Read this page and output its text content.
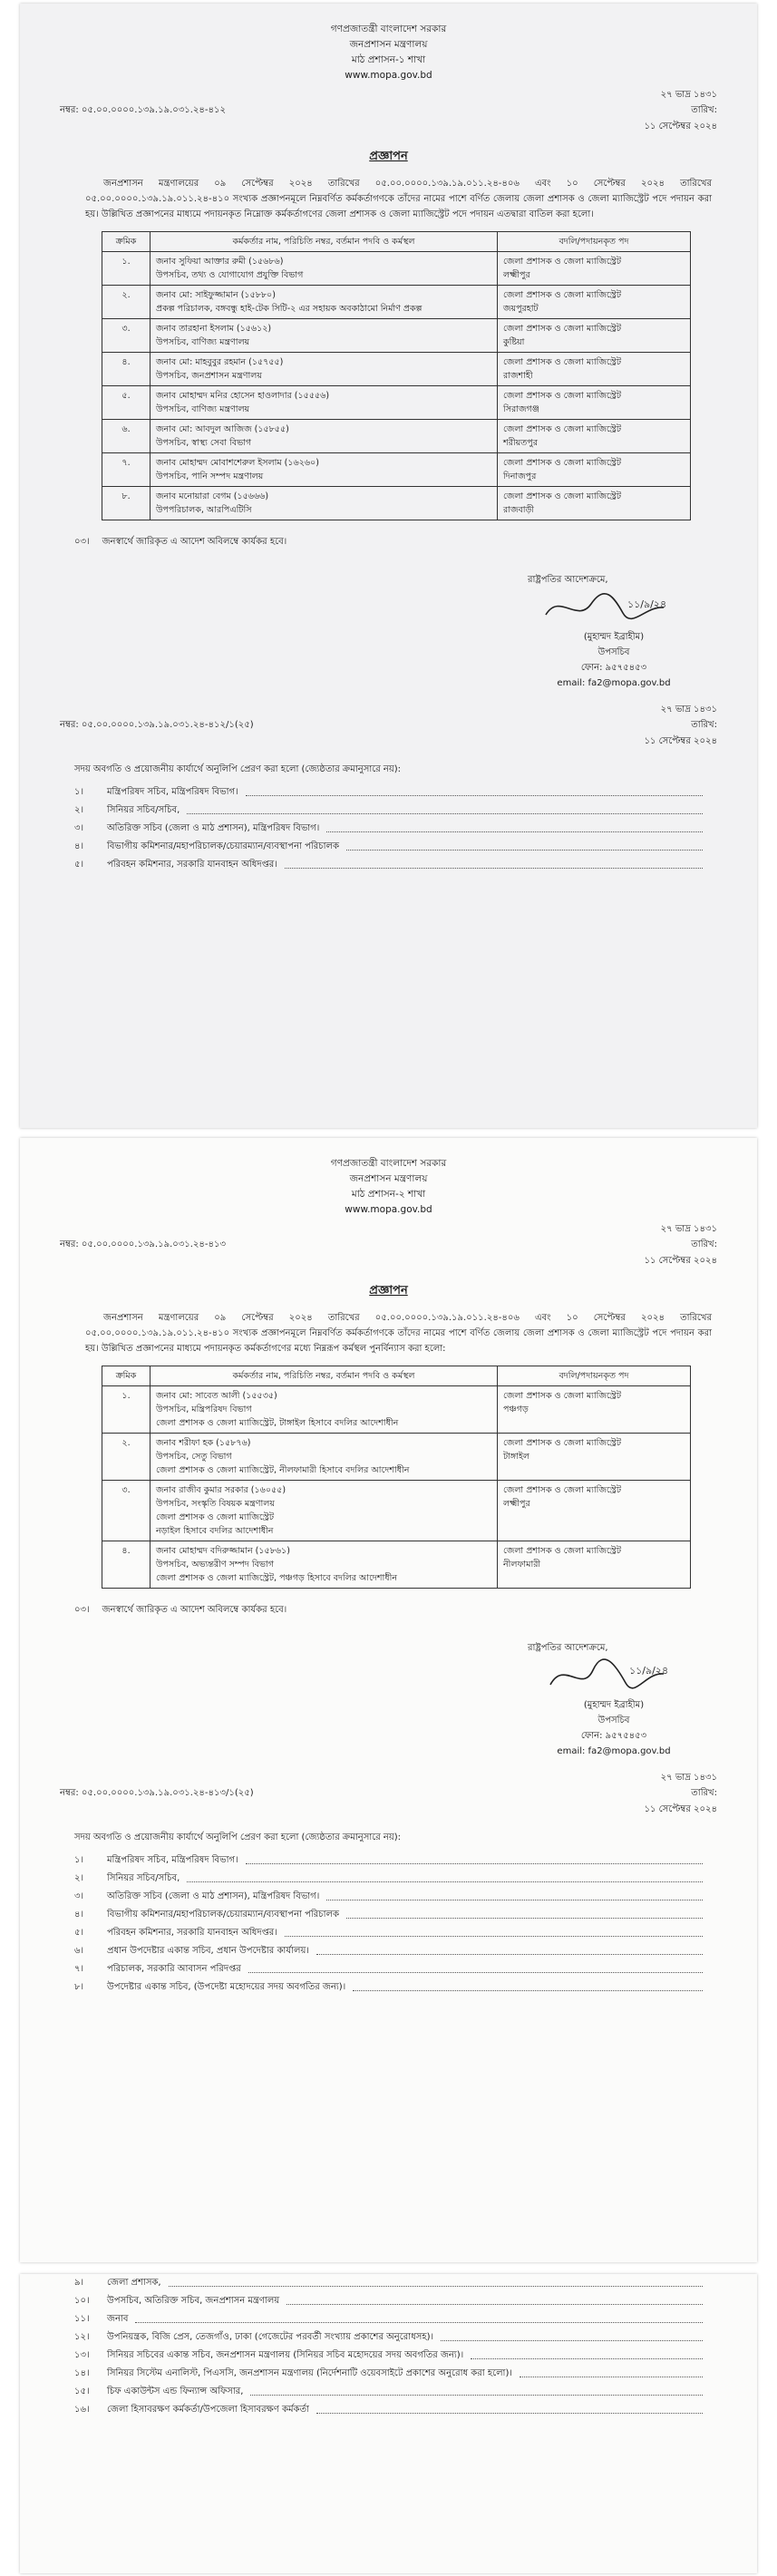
গণপ্রজাতন্ত্রী বাংলাদেশ সরকার
জনপ্রশাসন মন্ত্রণালয়
মাঠ প্রশাসন-১ শাখা
www.mopa.gov.bd
২৭ ভাদ্র ১৪৩১
নম্বর: ০৫.০০.০০০০.১৩৯.১৯.০৩১.২৪-৪১২	তারিখ:
১১ সেপ্টেম্বর ২০২৪
প্রজ্ঞাপন
জনপ্রশাসন মন্ত্রণালয়ের ০৯ সেপ্টেম্বর ২০২৪ তারিখের ০৫.০০.০০০০.১৩৯.১৯.০১১.২৪-৪০৬ এবং ১০ সেপ্টেম্বর ২০২৪ তারিখের ০৫.০০.০০০০.১৩৯.১৯.০১১.২৪-৪১০ সংখ্যক প্রজ্ঞাপনমূলে নিম্নবর্ণিত কর্মকর্তাগণকে তাঁদের নামের পাশে বর্ণিত জেলায় জেলা প্রশাসক ও জেলা ম্যাজিস্ট্রেট পদে পদায়ন করা হয়। উল্লিখিত প্রজ্ঞাপনের মাধ্যমে পদায়নকৃত নিম্নোক্ত কর্মকর্তাগণের জেলা প্রশাসক ও জেলা ম্যাজিস্ট্রেট পদে পদায়ন এতদ্বারা বাতিল করা হলো।
ক্রমিক	কর্মকর্তার নাম, পরিচিতি নম্বর, বর্তমান পদবি ও কর্মস্থল	বদলি/পদায়নকৃত পদ
১.	জনাব সুফিয়া আক্তার রুমী (১৫৬৮৬)
উপসচিব, তথ্য ও যোগাযোগ প্রযুক্তি বিভাগ	জেলা প্রশাসক ও জেলা ম্যাজিস্ট্রেট
লক্ষ্মীপুর
২.	জনাব মো: সাইফুজ্জামান (১৫৮৮০)
প্রকল্প পরিচালক, বঙ্গবন্ধু হাই-টেক সিটি-২ এর সহায়ক অবকাঠামো নির্মাণ প্রকল্প	জেলা প্রশাসক ও জেলা ম্যাজিস্ট্রেট
জয়পুরহাট
৩.	জনাব তারহানা ইসলাম (১৫৬১২)
উপসচিব, বাণিজ্য মন্ত্রণালয়	জেলা প্রশাসক ও জেলা ম্যাজিস্ট্রেট
কুষ্টিয়া
৪.	জনাব মো: মাহবুবুর রহমান (১৫৭৫৫)
উপসচিব, জনপ্রশাসন মন্ত্রণালয়	জেলা প্রশাসক ও জেলা ম্যাজিস্ট্রেট
রাজশাহী
৫.	জনাব মোহাম্মদ মনির হোসেন হাওলাদার (১৫৫৫৬)
উপসচিব, বাণিজ্য মন্ত্রণালয়	জেলা প্রশাসক ও জেলা ম্যাজিস্ট্রেট
সিরাজগঞ্জ
৬.	জনাব মো: আবদুল আজিজ (১৫৮৫৫)
উপসচিব, স্বাস্থ্য সেবা বিভাগ	জেলা প্রশাসক ও জেলা ম্যাজিস্ট্রেট
শরীয়তপুর
৭.	জনাব মোহাম্মদ মোবাশশেরুল ইসলাম (১৬২৬০)
উপসচিব, পানি সম্পদ মন্ত্রণালয়	জেলা প্রশাসক ও জেলা ম্যাজিস্ট্রেট
দিনাজপুর
৮.	জনাব মনোয়ারা বেগম (১৫৬৬৬)
উপপরিচালক, আরপিএটিসি	জেলা প্রশাসক ও জেলা ম্যাজিস্ট্রেট
রাজবাড়ী
০৩। জনস্বার্থে জারিকৃত এ আদেশ অবিলম্বে কার্যকর হবে।
রাষ্ট্রপতির আদেশক্রমে,
১১/৯/২৪
(মুহাম্মদ ইব্রাহীম)
উপসচিব
ফোন: ৯৫৭৫৪৫৩
email: fa2@mopa.gov.bd
২৭ ভাদ্র ১৪৩১
নম্বর: ০৫.০০.০০০০.১৩৯.১৯.০৩১.২৪-৪১২/১(২৫)	তারিখ:
১১ সেপ্টেম্বর ২০২৪
সদয় অবগতি ও প্রয়োজনীয় কার্যার্থে অনুলিপি প্রেরণ করা হলো (জ্যেষ্ঠতার ক্রমানুসারে নয়):
১।	মন্ত্রিপরিষদ সচিব, মন্ত্রিপরিষদ বিভাগ।
২।	সিনিয়র সচিব/সচিব,
৩।	অতিরিক্ত সচিব (জেলা ও মাঠ প্রশাসন), মন্ত্রিপরিষদ বিভাগ।
৪।	বিভাগীয় কমিশনার/মহাপরিচালক/চেয়ারম্যান/ব্যবস্থাপনা পরিচালক
৫।	পরিবহন কমিশনার, সরকারি যানবাহন অধিদপ্তর।
গণপ্রজাতন্ত্রী বাংলাদেশ সরকার
জনপ্রশাসন মন্ত্রণালয়
মাঠ প্রশাসন-২ শাখা
www.mopa.gov.bd
২৭ ভাদ্র ১৪৩১
নম্বর: ০৫.০০.০০০০.১৩৯.১৯.০৩১.২৪-৪১৩	তারিখ:
১১ সেপ্টেম্বর ২০২৪
প্রজ্ঞাপন
জনপ্রশাসন মন্ত্রণালয়ের ০৯ সেপ্টেম্বর ২০২৪ তারিখের ০৫.০০.০০০০.১৩৯.১৯.০১১.২৪-৪০৬ এবং ১০ সেপ্টেম্বর ২০২৪ তারিখের ০৫.০০.০০০০.১৩৯.১৯.০১১.২৪-৪১০ সংখ্যক প্রজ্ঞাপনমূলে নিম্নবর্ণিত কর্মকর্তাগণকে তাঁদের নামের পাশে বর্ণিত জেলায় জেলা প্রশাসক ও জেলা ম্যাজিস্ট্রেট পদে পদায়ন করা হয়। উল্লিখিত প্রজ্ঞাপনের মাধ্যমে পদায়নকৃত কর্মকর্তাগণের মধ্যে নিম্নরূপ কর্মস্থল পুনর্বিন্যাস করা হলো:
ক্রমিক	কর্মকর্তার নাম, পরিচিতি নম্বর, বর্তমান পদবি ও কর্মস্থল	বদলি/পদায়নকৃত পদ
১.	জনাব মো: সাবেত আলী (১৫৫৩৫)
উপসচিব, মন্ত্রিপরিষদ বিভাগ
জেলা প্রশাসক ও জেলা ম্যাজিস্ট্রেট, টাঙ্গাইল হিসাবে বদলির আদেশাধীন	জেলা প্রশাসক ও জেলা ম্যাজিস্ট্রেট
পঞ্চগড়
২.	জনাব শরীফা হক (১৫৮৭৬)
উপসচিব, সেতু বিভাগ
জেলা প্রশাসক ও জেলা ম্যাজিস্ট্রেট, নীলফামারী হিসাবে বদলির আদেশাধীন	জেলা প্রশাসক ও জেলা ম্যাজিস্ট্রেট
টাঙ্গাইল
৩.	জনাব রাজীব কুমার সরকার (১৬০৫৫)
উপসচিব, সংস্কৃতি বিষয়ক মন্ত্রণালয়
জেলা প্রশাসক ও জেলা ম্যাজিস্ট্রেট
নড়াইল হিসাবে বদলির আদেশাধীন	জেলা প্রশাসক ও জেলা ম্যাজিস্ট্রেট
লক্ষ্মীপুর
৪.	জনাব মোহাম্মদ বদিরুজ্জামান (১৫৮৬১)
উপসচিব, অভ্যন্তরীণ সম্পদ বিভাগ
জেলা প্রশাসক ও জেলা ম্যাজিস্ট্রেট, পঞ্চগড় হিসাবে বদলির আদেশাধীন	জেলা প্রশাসক ও জেলা ম্যাজিস্ট্রেট
নীলফামারী
০৩। জনস্বার্থে জারিকৃত এ আদেশ অবিলম্বে কার্যকর হবে।
রাষ্ট্রপতির আদেশক্রমে,
১১/৯/২৪
(মুহাম্মদ ইব্রাহীম)
উপসচিব
ফোন: ৯৫৭৫৪৫৩
email: fa2@mopa.gov.bd
২৭ ভাদ্র ১৪৩১
নম্বর: ০৫.০০.০০০০.১৩৯.১৯.০৩১.২৪-৪১৩/১(২৫)	তারিখ:
১১ সেপ্টেম্বর ২০২৪
সদয় অবগতি ও প্রয়োজনীয় কার্যার্থে অনুলিপি প্রেরণ করা হলো (জ্যেষ্ঠতার ক্রমানুসারে নয়):
১।	মন্ত্রিপরিষদ সচিব, মন্ত্রিপরিষদ বিভাগ।
২।	সিনিয়র সচিব/সচিব,
৩।	অতিরিক্ত সচিব (জেলা ও মাঠ প্রশাসন), মন্ত্রিপরিষদ বিভাগ।
৪।	বিভাগীয় কমিশনার/মহাপরিচালক/চেয়ারম্যান/ব্যবস্থাপনা পরিচালক
৫।	পরিবহন কমিশনার, সরকারি যানবাহন অধিদপ্তর।
৬।	প্রধান উপদেষ্টার একান্ত সচিব, প্রধান উপদেষ্টার কার্যালয়।
৭।	পরিচালক, সরকারি আবাসন পরিদপ্তর
৮।	উপদেষ্টার একান্ত সচিব, (উপদেষ্টা মহোদয়ের সদয় অবগতির জন্য)।
৯।	জেলা প্রশাসক,
১০।	উপসচিব, অতিরিক্ত সচিব, জনপ্রশাসন মন্ত্রণালয়
১১।	জনাব
১২।	উপনিয়ন্ত্রক, বিজি প্রেস, তেজগাঁও, ঢাকা (গেজেটের পরবর্তী সংখ্যায় প্রকাশের অনুরোধসহ)।
১৩।	সিনিয়র সচিবের একান্ত সচিব, জনপ্রশাসন মন্ত্রণালয় (সিনিয়র সচিব মহোদয়ের সদয় অবগতির জন্য)।
১৪।	সিনিয়র সিস্টেম এনালিস্ট, পিএসসি, জনপ্রশাসন মন্ত্রণালয় (নির্দেশনাটি ওয়েবসাইটে প্রকাশের অনুরোধ করা হলো)।
১৫।	চিফ একাউন্টস এন্ড ফিন্যান্স অফিসার,
১৬।	জেলা হিসাবরক্ষণ কর্মকর্তা/উপজেলা হিসাবরক্ষণ কর্মকর্তা
